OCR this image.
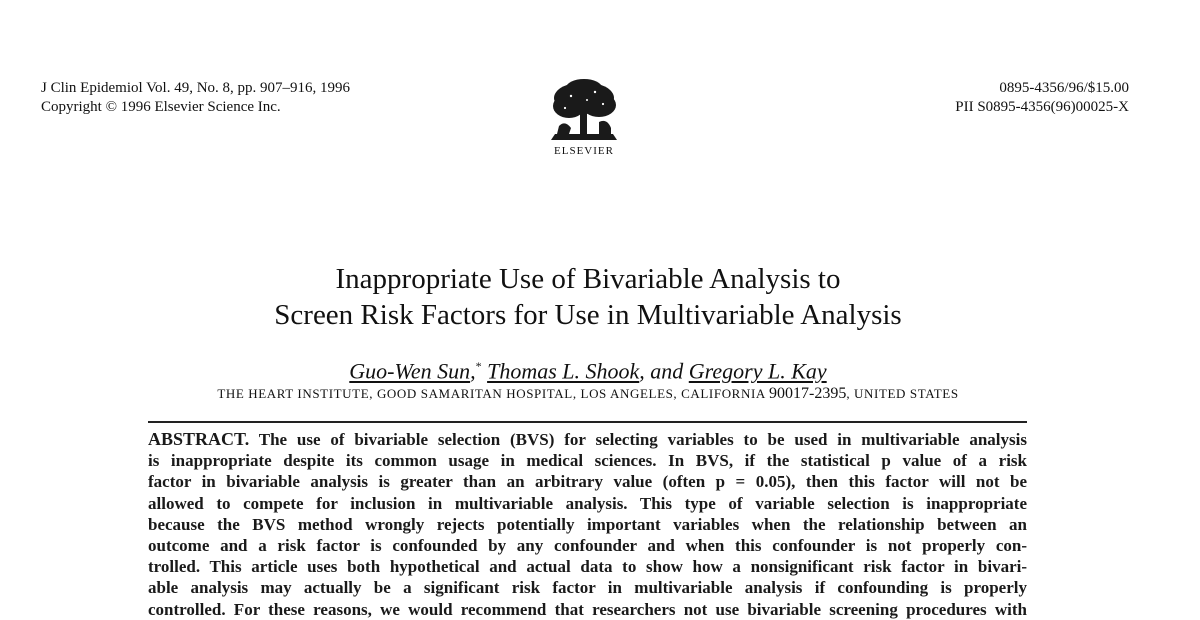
J Clin Epidemiol Vol. 49, No. 8, pp. 907–916, 1996
Copyright © 1996 Elsevier Science Inc.
ELSEVIER
0895-4356/96/$15.00
PII S0895-4356(96)00025-X
Inappropriate Use of Bivariable Analysis to
Screen Risk Factors for Use in Multivariable Analysis
Guo-Wen Sun,* Thomas L. Shook, and Gregory L. Kay
THE HEART INSTITUTE, GOOD SAMARITAN HOSPITAL, LOS ANGELES, CALIFORNIA 90017-2395, UNITED STATES
ABSTRACT. The use of bivariable selection (BVS) for selecting variables to be used in multivariable analysis
is inappropriate despite its common usage in medical sciences. In BVS, if the statistical p value of a risk
factor in bivariable analysis is greater than an arbitrary value (often p = 0.05), then this factor will not be
allowed to compete for inclusion in multivariable analysis. This type of variable selection is inappropriate
because the BVS method wrongly rejects potentially important variables when the relationship between an
outcome and a risk factor is confounded by any confounder and when this confounder is not properly con-
trolled. This article uses both hypothetical and actual data to show how a nonsignificant risk factor in bivari-
able analysis may actually be a significant risk factor in multivariable analysis if confounding is properly
controlled. For these reasons, we would recommend that researchers not use bivariable screening procedures with
